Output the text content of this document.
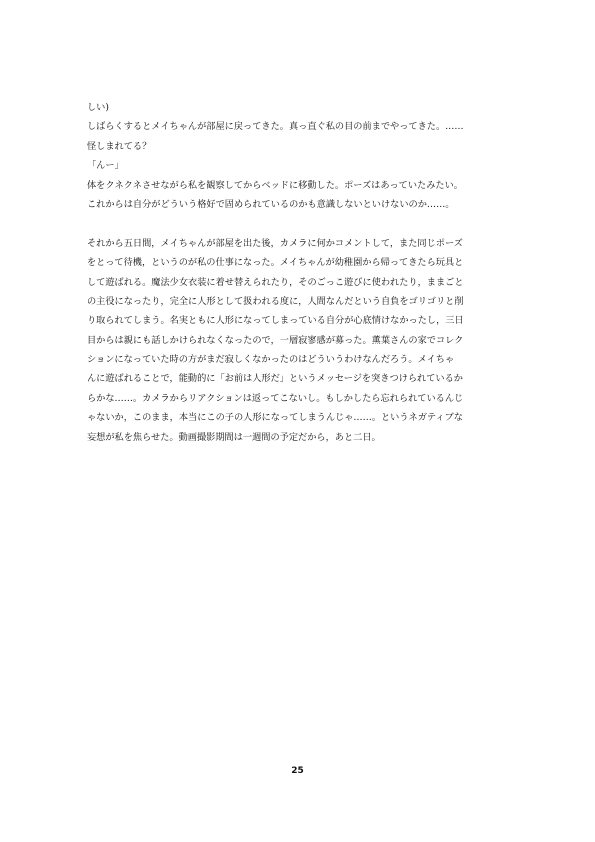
しい)
しばらくするとメイちゃんが部屋に戻ってきた。真っ直ぐ私の目の前までやってきた。……
怪しまれてる？
「んー」
体をクネクネさせながら私を観察してからベッドに移動した。ポーズはあっていたみたい。
これからは自分がどういう格好で固められているのかも意識しないといけないのか……。
それから五日間，メイちゃんが部屋を出た後，カメラに何かコメントして，また同じポーズ
をとって待機，というのが私の仕事になった。メイちゃんが幼稚園から帰ってきたら玩具と
して遊ばれる。魔法少女衣装に着せ替えられたり，そのごっこ遊びに使われたり，ままごと
の主役になったり，完全に人形として扱われる度に，人間なんだという自負をゴリゴリと削
り取られてしまう。名実ともに人形になってしまっている自分が心底情けなかったし，三日
目からは親にも話しかけられなくなったので，一層寂寥感が募った。薫葉さんの家でコレク
ションになっていた時の方がまだ寂しくなかったのはどういうわけなんだろう。メイちゃ
んに遊ばれることで，能動的に「お前は人形だ」というメッセージを突きつけられているか
らかな……。カメラからリアクションは返ってこないし。もしかしたら忘れられているんじ
ゃないか，このまま，本当にこの子の人形になってしまうんじゃ……。というネガティブな
妄想が私を焦らせた。動画撮影期間は一週間の予定だから，あと二日。
25
